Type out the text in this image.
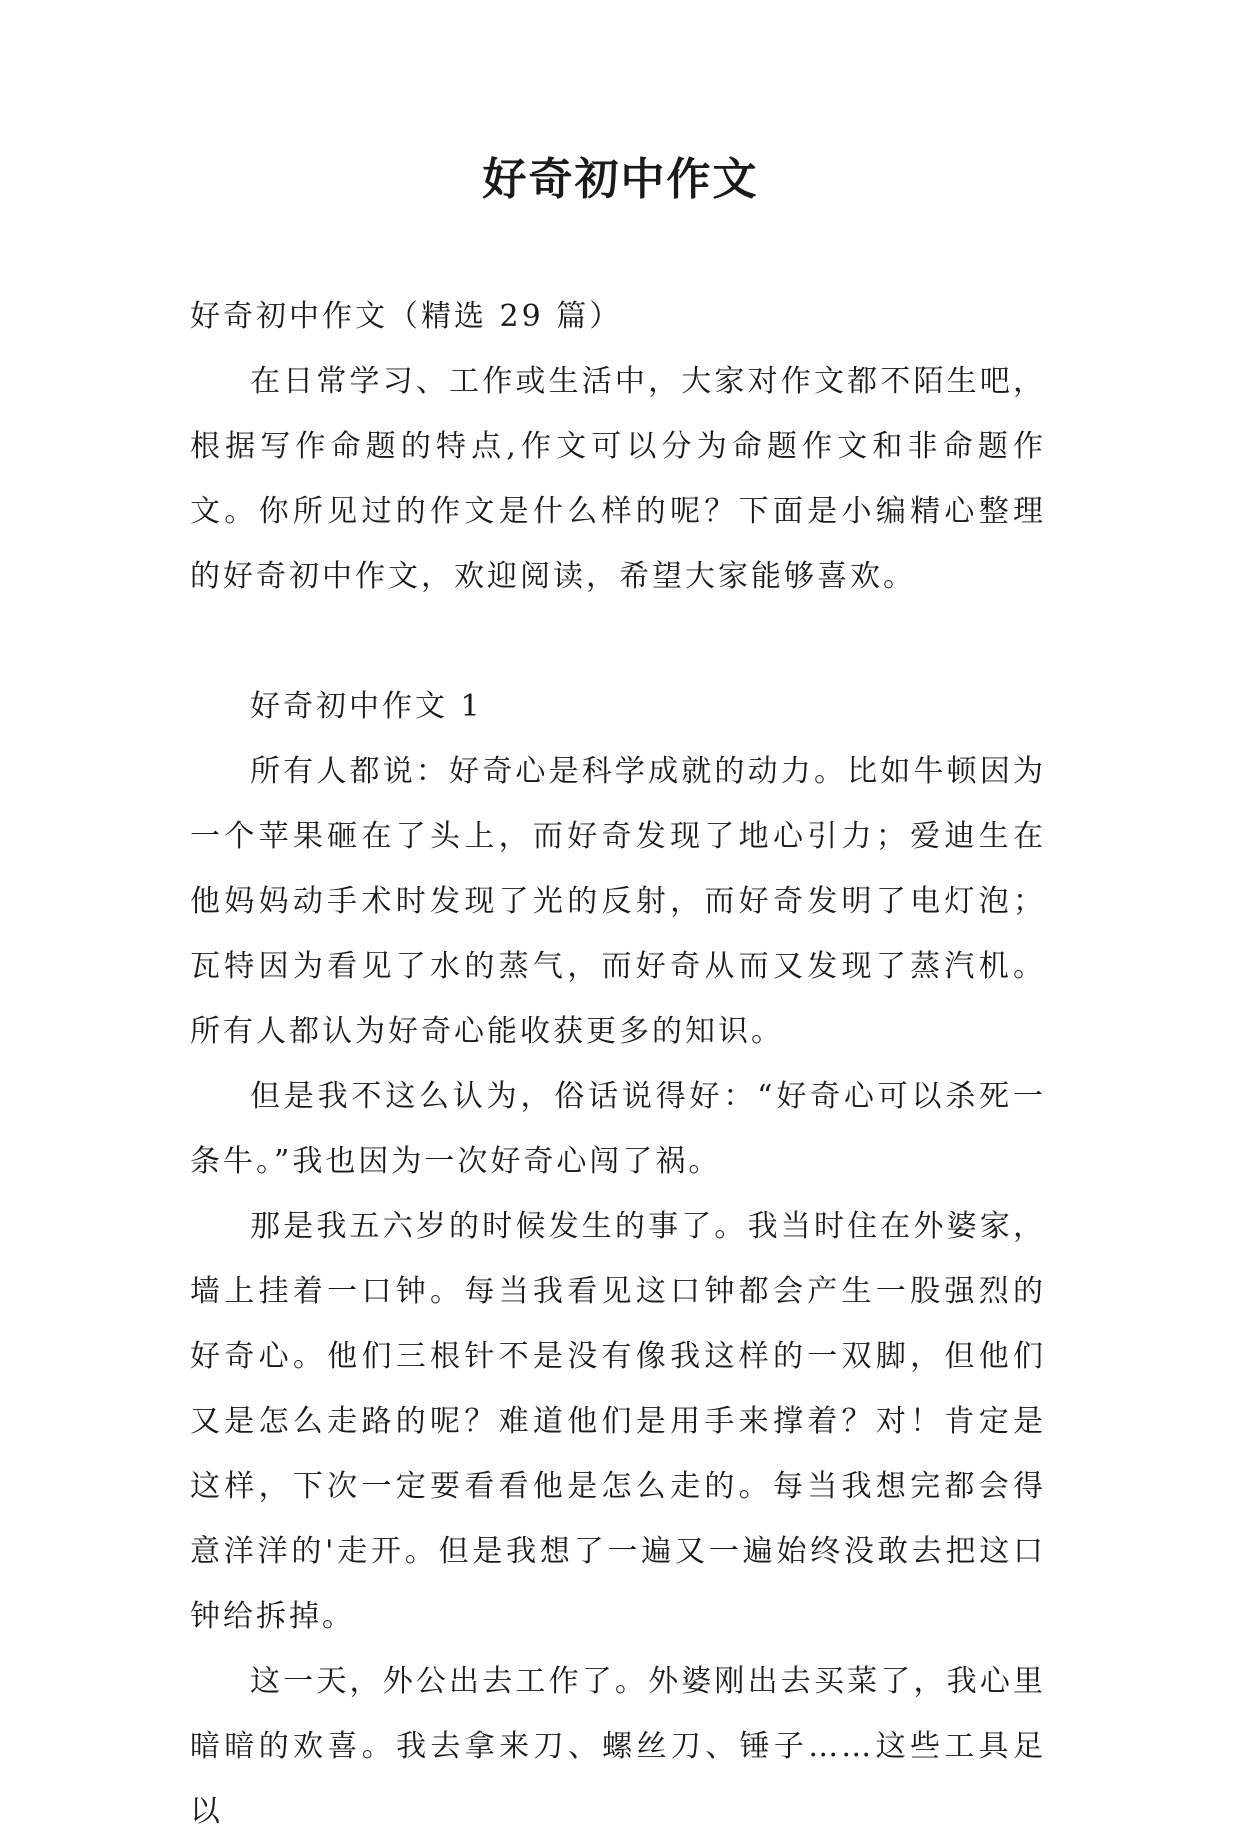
好奇初中作文

好奇初中作文（精选 29 篇）

在日常学习、工作或生活中，大家对作文都不陌生吧，根据写作命题的特点,作文可以分为命题作文和非命题作文。你所见过的作文是什么样的呢？下面是小编精心整理的好奇初中作文，欢迎阅读，希望大家能够喜欢。

好奇初中作文 1

所有人都说：好奇心是科学成就的动力。比如牛顿因为一个苹果砸在了头上，而好奇发现了地心引力；爱迪生在他妈妈动手术时发现了光的反射，而好奇发明了电灯泡；瓦特因为看见了水的蒸气，而好奇从而又发现了蒸汽机。所有人都认为好奇心能收获更多的知识。

但是我不这么认为，俗话说得好：“好奇心可以杀死一条牛。”我也因为一次好奇心闯了祸。

那是我五六岁的时候发生的事了。我当时住在外婆家，墙上挂着一口钟。每当我看见这口钟都会产生一股强烈的好奇心。他们三根针不是没有像我这样的一双脚，但他们又是怎么走路的呢？难道他们是用手来撑着？对！肯定是这样，下次一定要看看他是怎么走的。每当我想完都会得意洋洋的'走开。但是我想了一遍又一遍始终没敢去把这口钟给拆掉。

这一天，外公出去工作了。外婆刚出去买菜了，我心里暗暗的欢喜。我去拿来刀、螺丝刀、锤子……这些工具足以
